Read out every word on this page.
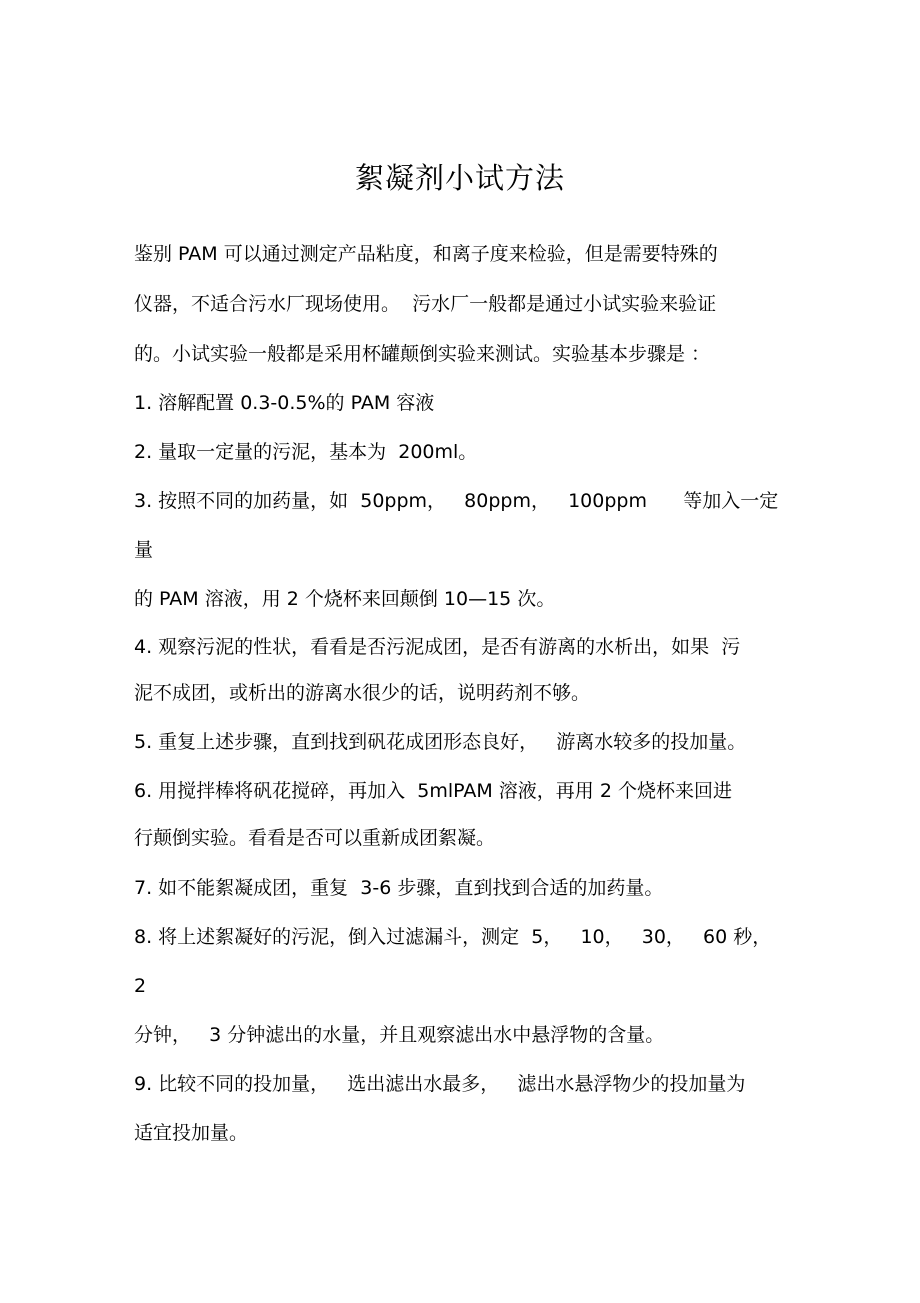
絮凝剂小试方法

鉴别 PAM 可以通过测定产品粘度，和离子度来检验，但是需要特殊的

仪器，不适合污水厂现场使用。  污水厂一般都是通过小试实验来验证

的。小试实验一般都是采用杯罐颠倒实验来测试。实验基本步骤是 ：

1. 溶解配置 0.3-0.5%的 PAM 容液

2. 量取一定量的污泥，基本为  200ml。

3. 按照不同的加药量，如  50ppm，   80ppm，   100ppm      等加入一定

量

的 PAM 溶液，用 2 个烧杯来回颠倒 10—15 次。

4. 观察污泥的性状，看看是否污泥成团，是否有游离的水析出，如果  污

泥不成团，或析出的游离水很少的话，说明药剂不够。

5. 重复上述步骤，直到找到矾花成团形态良好，   游离水较多的投加量。

6. 用搅拌棒将矾花搅碎，再加入  5mlPAM 溶液，再用 2 个烧杯来回进

行颠倒实验。看看是否可以重新成团絮凝。

7. 如不能絮凝成团，重复  3-6 步骤，直到找到合适的加药量。

8. 将上述絮凝好的污泥，倒入过滤漏斗，测定  5，   10，   30，   60 秒，

2

分钟，   3 分钟滤出的水量，并且观察滤出水中悬浮物的含量。

9. 比较不同的投加量，   选出滤出水最多，   滤出水悬浮物少的投加量为

适宜投加量。
